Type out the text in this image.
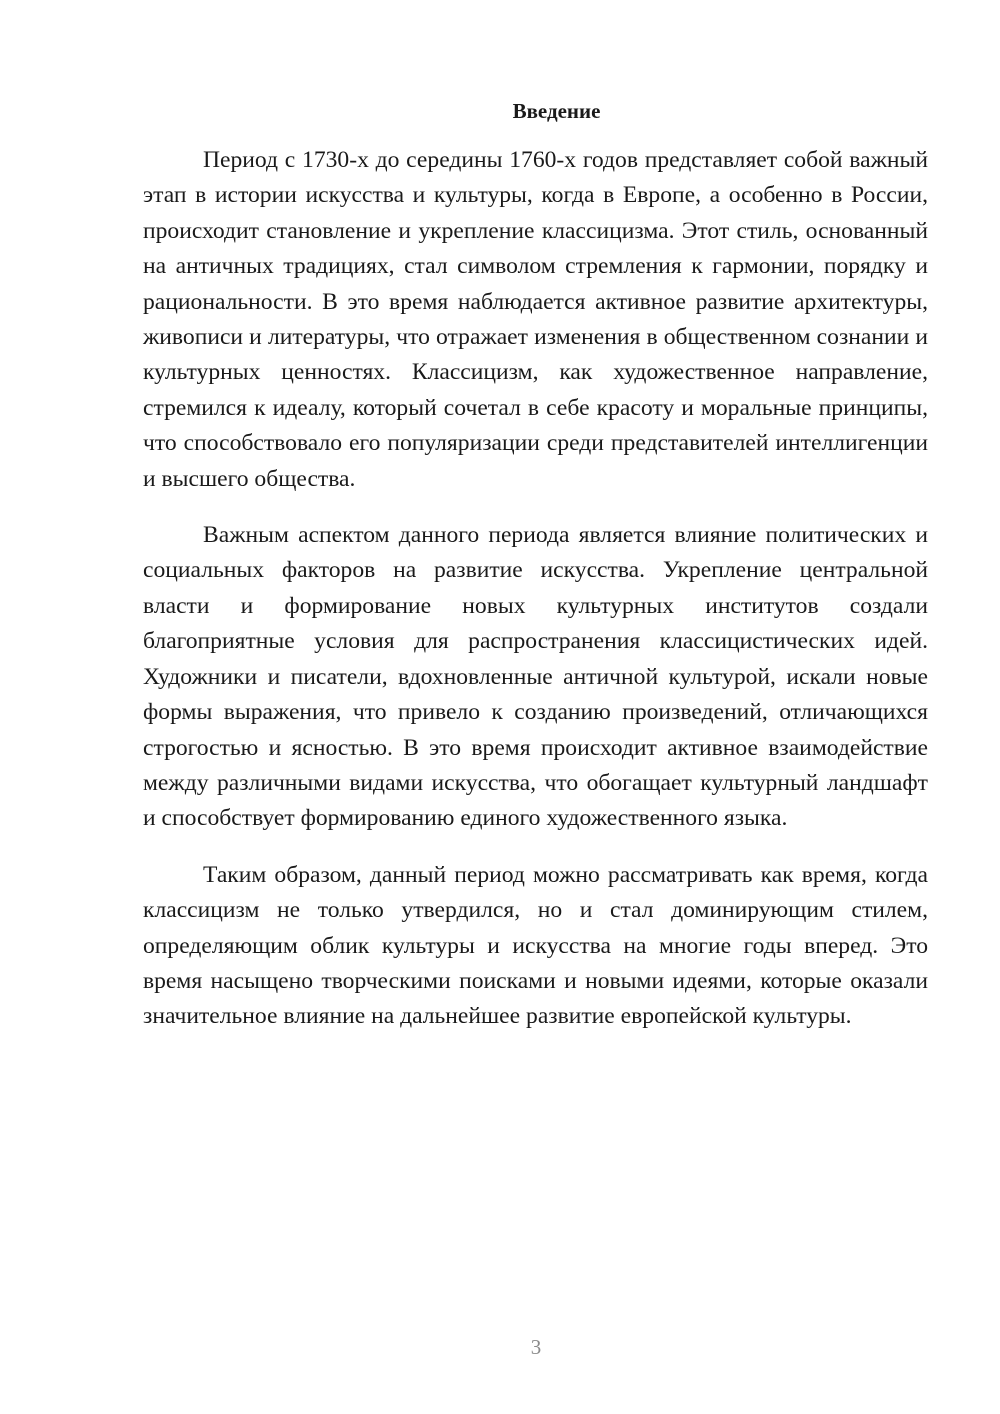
Введение

Период с 1730-х до середины 1760-х годов представляет собой важный этап в истории искусства и культуры, когда в Европе, а особенно в России, происходит становление и укрепление классицизма. Этот стиль, основанный на античных традициях, стал символом стремления к гармонии, порядку и рациональности. В это время наблюдается активное развитие архитектуры, живописи и литературы, что отражает изменения в общественном сознании и культурных ценностях. Классицизм, как художественное направление, стремился к идеалу, который сочетал в себе красоту и моральные принципы, что способствовало его популяризации среди представителей интеллигенции и высшего общества.

Важным аспектом данного периода является влияние политических и социальных факторов на развитие искусства. Укрепление центральной власти и формирование новых культурных институтов создали благоприятные условия для распространения классицистических идей. Художники и писатели, вдохновленные античной культурой, искали новые формы выражения, что привело к созданию произведений, отличающихся строгостью и ясностью. В это время происходит активное взаимодействие между различными видами искусства, что обогащает культурный ландшафт и способствует формированию единого художественного языка.

Таким образом, данный период можно рассматривать как время, когда классицизм не только утвердился, но и стал доминирующим стилем, определяющим облик культуры и искусства на многие годы вперед. Это время насыщено творческими поисками и новыми идеями, которые оказали значительное влияние на дальнейшее развитие европейской культуры.

3
